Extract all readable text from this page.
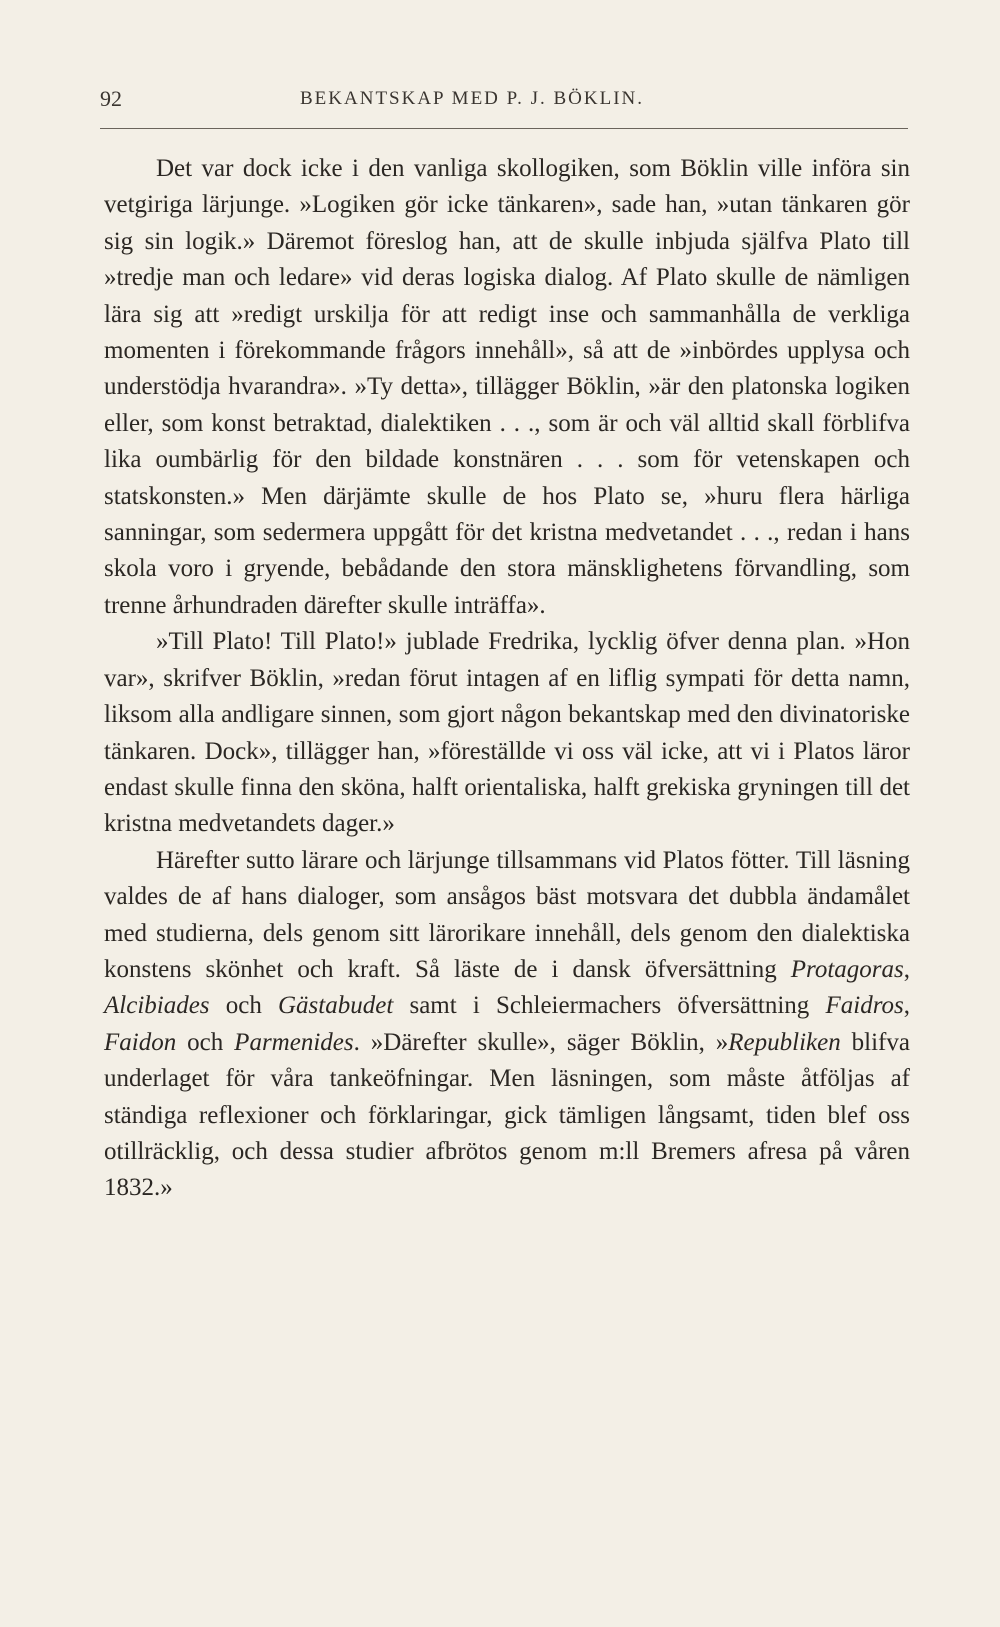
92	BEKANTSKAP MED P. J. BÖKLIN.

Det var dock icke i den vanliga skollogiken, som Böklin ville införa sin vetgiriga lärjunge. »Logiken gör icke tänkaren», sade han, »utan tänkaren gör sig sin logik.» Däremot föreslog han, att de skulle inbjuda själfva Plato till »tredje man och ledare» vid deras logiska dialog. Af Plato skulle de nämligen lära sig att »redigt urskilja för att redigt inse och sammanhålla de verkliga momenten i förekommande frågors innehåll», så att de »inbördes upplysa och understödja hvarandra». »Ty detta», tillägger Böklin, »är den platonska logiken eller, som konst betraktad, dialektiken . . ., som är och väl alltid skall förblifva lika oumbärlig för den bildade konstnären . . . som för vetenskapen och statskonsten.» Men därjämte skulle de hos Plato se, »huru flera härliga sanningar, som sedermera uppgått för det kristna medvetandet . . ., redan i hans skola voro i gryende, bebådande den stora mänsklighetens förvandling, som trenne århundraden därefter skulle inträffa».

»Till Plato! Till Plato!» jublade Fredrika, lycklig öfver denna plan. »Hon var», skrifver Böklin, »redan förut intagen af en liflig sympati för detta namn, liksom alla andligare sinnen, som gjort någon bekantskap med den divinatoriske tänkaren. Dock», tillägger han, »föreställde vi oss väl icke, att vi i Platos läror endast skulle finna den sköna, halft orientaliska, halft grekiska gryningen till det kristna medvetandets dager.»

Härefter sutto lärare och lärjunge tillsammans vid Platos fötter. Till läsning valdes de af hans dialoger, som ansågos bäst motsvara det dubbla ändamålet med studierna, dels genom sitt lärorikare innehåll, dels genom den dialektiska konstens skönhet och kraft. Så läste de i dansk öfversättning Protagoras, Alcibiades och Gästabudet samt i Schleiermachers öfversättning Faidros, Faidon och Parmenides. »Därefter skulle», säger Böklin, »Republiken blifva underlaget för våra tankeöfningar. Men läsningen, som måste åtföljas af ständiga reflexioner och förklaringar, gick tämligen långsamt, tiden blef oss otillräcklig, och dessa studier afbrötos genom m:ll Bremers afresa på våren 1832.»
